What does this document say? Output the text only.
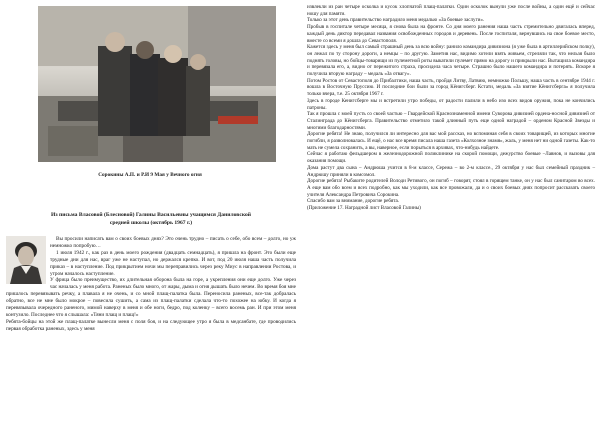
Сорокины А.П. и Р.И 9 Мая у Вечного огня
Из письма Власовой (Блесновой) Галины Васильевны учащимся Даниловской
средней школы (октябрь 1967 г.)

Вы просили написать вам о своих боевых днях? Это очень трудно – писать о себе, обо всем – долго, но уж немножко попробую…

1 июля 1942 г., как раз в день моего рождения (двадцать семнадцать), я пришла на фронт. Это были еще трудные дни для нас, враг уже не наступал, но держался крепко. И вот, под 20 июля наша часть получила приказ – в наступление. Под прикрытием ночи мы переправились через реку Миус в направлении Ростова, и утром началось наступление.

У фрица было преимущество, их длительная оборона была на горе, а укрепления они еще долго. Уже через час началась у меня работа. Раненых было много, от жары, дыма и огня дышать было нечем. Во время боя мне пришлось перевязывать речку, а плавала я не очень, и со мной плащ-палатка была. Переносила раненых, все-так добралась обратно, все не мне было мокрое – повесила сушить, а сама из плащ-палатки сделала что-то похожее на юбку. И когда я перевязывала очередного раненого, мимой наверху в меня и обе ноги, бедро, под коленку – всего восемь ран. И при этом меня контузило. Последнее что я слышала: «Тяни плащ и плащ!»

Ребята-бойцы на этой же плащ-палатке вынесли меня с поля боя, и на следующее утро я была в медсанбате, где проводились первая обработка раненых, здесь у меня

извлекли из ран четыре осколка и кусок хлопчатой плащ-палатки. Один осколок вынули уже после войны, а один ещё и сейчас ношу для памяти.

Только за этот день правительство наградило меня медалью «За боевые заслуги».

Пробыв в госпитале четыре месяца, я снова была на фронте. Со дня моего ранения наша часть стремительно двигалась вперед, каждый день диктор передавал названия освобожденных городов и деревень. После госпиталя, вернувшись на свое боевое место, вместе со всеми я дошла до Севастополя.

Кажется здесь у меня был самый страшный день за всю войну: ранило командира дивизиона (я уже была в артиллерийском полку), он лежал по ту сторону дороги, а немцы – по другую. Заметив нас, видимо хотели взять живьем, стреляли так, что нельзя было поднять головы, но бойцы-товарищи из пулеметной роты выкатили пулемет прямо на дорогу и прикрыли нас. Вытащила командира и перевязала его, а, видно от пережитого страха, просидела часа четыре. Страшно было нашего командира и потерять. Вскоре я получила вторую награду – медаль «За отвагу».

Потом Ростов от Севастополя до Прибалтики, наша часть, пройдя Литву, Латвию, немножко Польшу, наша часть в сентябре 1944 г. вошла в Восточную Пруссию. И последние бои были за город Кёнигсберг. Кстати, медаль «За взятие Кёнигсберга» я получила только вчера, т.е. 25 октября 1967 г.

Здесь в городе Кенигсберге мы и встретили утро победы, от радости палили в небо изо всех видов оружия, пока не кончились патроны.

Так я прошла с моей пусть со своей частью – Гвардейской Краснознаменной имени Суворова дивизией ордена-носной дивизией от Сталинграда до Кёнигсберга. Правительство отметило такой длинный путь еще одной наградой – орденом Красной Звезды и многими благодарностями.

Дорогие ребята! Не знаю, получился ли интересно для вас мой рассказ, но вспоминая себя в своих товарищей, из которых многие погибли, я разволновалась. И ещё, о нас все время писала наша газета «Колхозное знамя», жаль, у меня нет ни одной газеты. Как-то мать не сумела сохранить, а вы, наверное, если порыться в архивах, что-нибудь найдете.

Сейчас я работаю фельдшером в железнодорожной поликлинике на скорой помощи, дежурство боевые –Лавнов, и вызовы для оказания помощи.

Дома растут два сына – Андрюша учится в 8-м классе, Сережа – во 2-м классе., 29 октября у нас был семейный праздник – Андрюшу приняли в комсомол.

Дорогие ребята! Рыбаките родителей Володи Ретивого, он погиб – говорят, стоял в горящем танке, он у нас был санитаром во всех. А еще вам обо всем и всех подробно, как мы уходили, как все провожали, да и о своих боевых днях попросит рассказать своего учителя Александра Петровича Сорокина.

Спасибо вам за внимание, дорогие ребята.

(Приложение 17. Наградной лист Власовой Галины)
